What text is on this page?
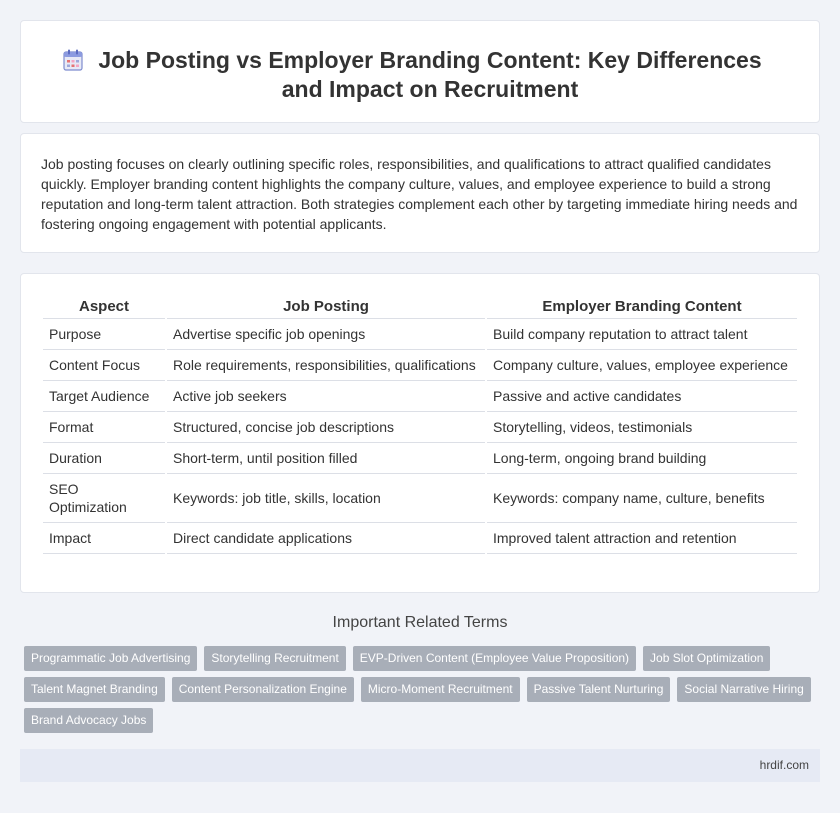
Job Posting vs Employer Branding Content: Key Differences and Impact on Recruitment

Job posting focuses on clearly outlining specific roles, responsibilities, and qualifications to attract qualified candidates quickly. Employer branding content highlights the company culture, values, and employee experience to build a strong reputation and long-term talent attraction. Both strategies complement each other by targeting immediate hiring needs and fostering ongoing engagement with potential applicants.

Aspect	Job Posting	Employer Branding Content
Purpose	Advertise specific job openings	Build company reputation to attract talent
Content Focus	Role requirements, responsibilities, qualifications	Company culture, values, employee experience
Target Audience	Active job seekers	Passive and active candidates
Format	Structured, concise job descriptions	Storytelling, videos, testimonials
Duration	Short-term, until position filled	Long-term, ongoing brand building
SEO Optimization	Keywords: job title, skills, location	Keywords: company name, culture, benefits
Impact	Direct candidate applications	Improved talent attraction and retention
Important Related Terms
Programmatic Job Advertising	Storytelling Recruitment	EVP-Driven Content (Employee Value Proposition)	Job Slot Optimization
Talent Magnet Branding	Content Personalization Engine	Micro-Moment Recruitment	Passive Talent Nurturing	Social Narrative Hiring
Brand Advocacy Jobs
hrdif.com
